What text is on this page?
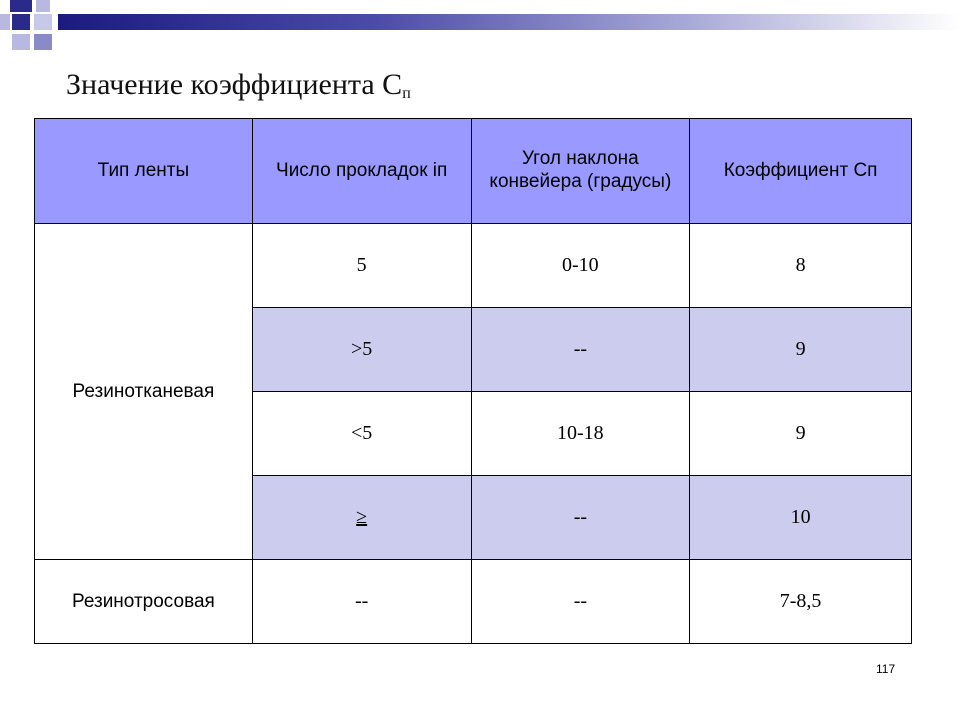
Значение коэффициента $С_п$
Тип ленты	Число прокладок iп	Угол наклона конвейера (градусы)	Коэффициент Сп
Резинотканевая	5	0-10	8
	>5	--	9
	<5	10-18	9
	≥	--	10
Резинотросовая	--	--	7-8,5
117
